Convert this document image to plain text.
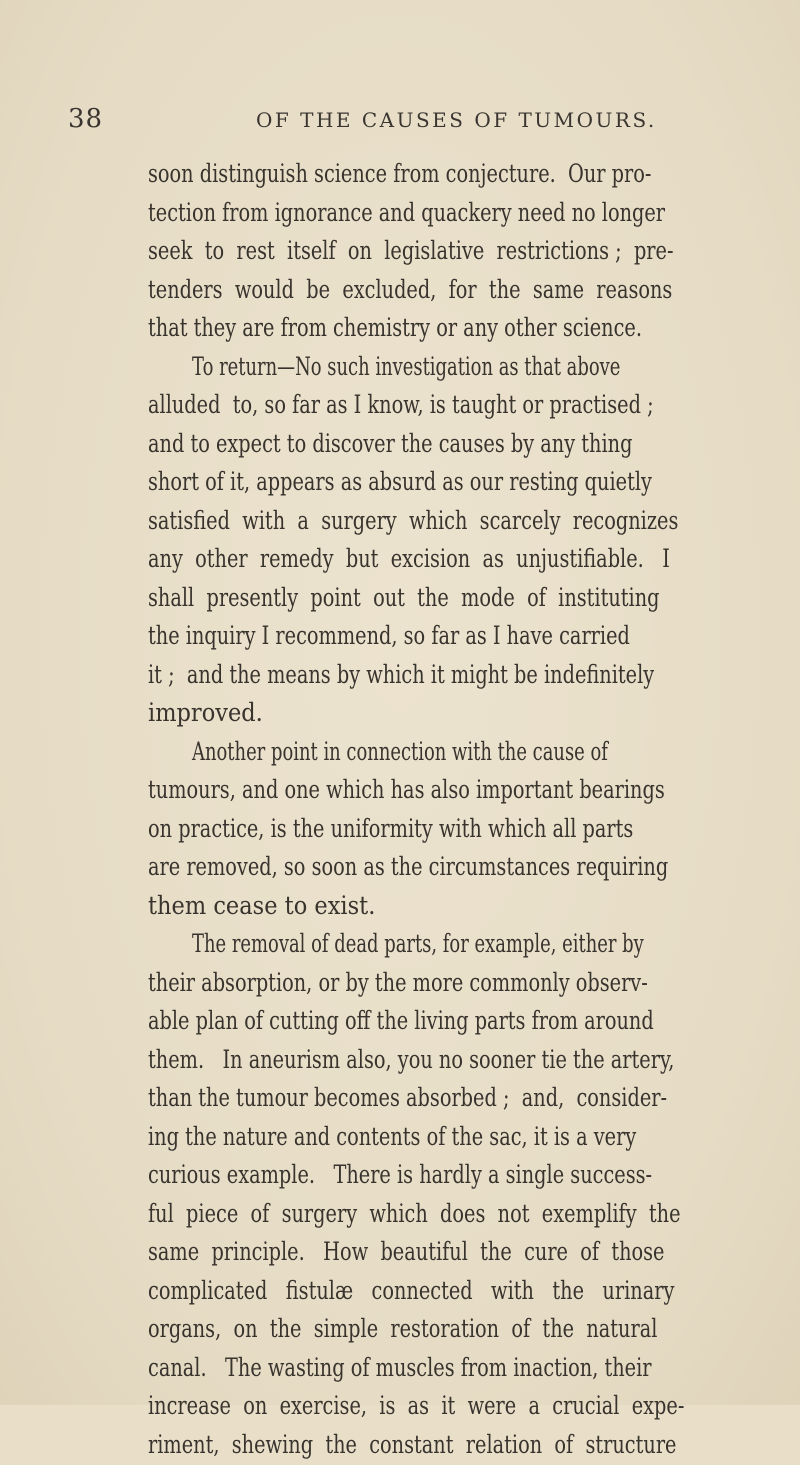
38	OF THE CAUSES OF TUMOURS.
soon distinguish science from conjecture.  Our pro-
tection from ignorance and quackery need no longer
seek  to  rest  itself  on  legislative  restrictions ;  pre-
tenders  would  be  excluded,  for  the  same  reasons
that they are from chemistry or any other science.
To return—No such investigation as that above
alluded  to, so far as I know, is taught or practised ;
and to expect to discover the causes by any thing
short of it, appears as absurd as our resting quietly
satisfied  with  a  surgery  which  scarcely  recognizes
any  other  remedy  but  excision  as  unjustifiable.   I
shall  presently  point  out  the  mode  of  instituting
the inquiry I recommend, so far as I have carried
it ;  and the means by which it might be indefinitely
improved.
Another point in connection with the cause of
tumours, and one which has also important bearings
on practice, is the uniformity with which all parts
are removed, so soon as the circumstances requiring
them cease to exist.
The removal of dead parts, for example, either by
their absorption, or by the more commonly observ-
able plan of cutting off the living parts from around
them.   In aneurism also, you no sooner tie the artery,
than the tumour becomes absorbed ;  and,  consider-
ing the nature and contents of the sac, it is a very
curious example.   There is hardly a single success-
ful  piece  of  surgery  which  does  not  exemplify  the
same  principle.   How  beautiful  the  cure  of  those
complicated   fistulæ   connected   with   the   urinary
organs,  on  the  simple  restoration  of  the  natural
canal.   The wasting of muscles from inaction, their
increase  on  exercise,  is  as  it  were  a  crucial  expe-
riment,  shewing  the  constant  relation  of  structure
